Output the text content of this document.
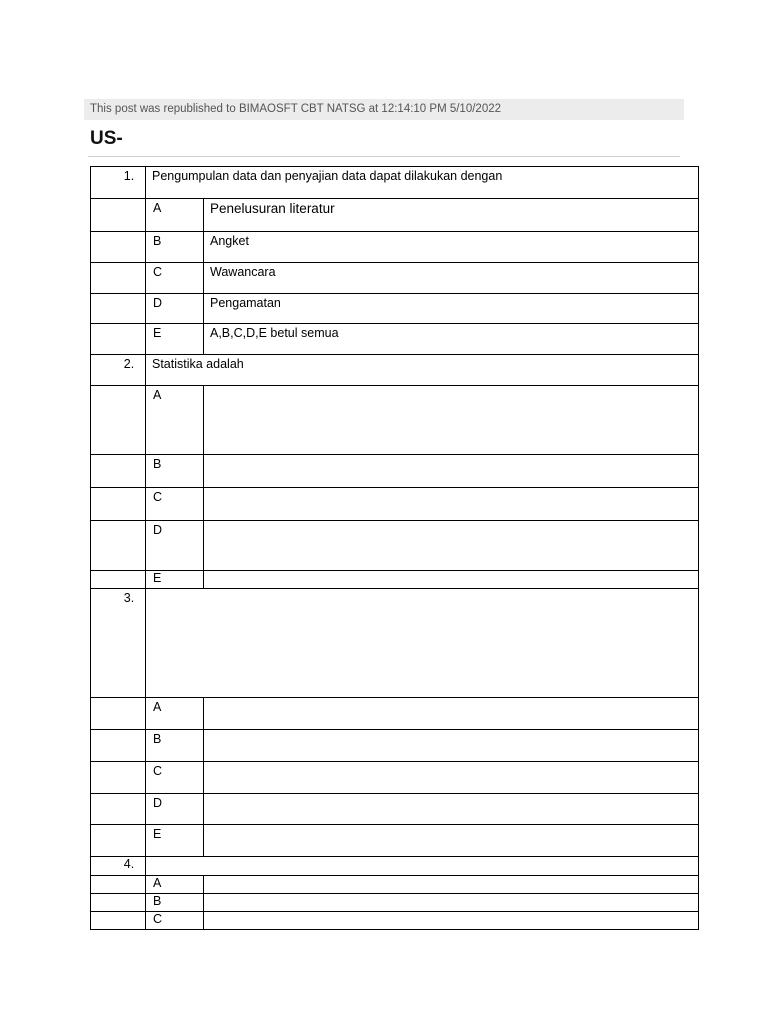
This post was republished to BIMAOSFT CBT NATSG at 12:14:10 PM 5/10/2022
US-
1.	Pengumpulan data dan penyajian data dapat dilakukan dengan	
	A	Penelusuran literatur
	B	Angket
	C	Wawancara
	D	Pengamatan
	E	A,B,C,D,E betul semua
2.	Statistika adalah	
	A	
	B	
	C	
	D	
	E	
3.		
	A	
	B	
	C	
	D	
	E	
4.		
	A	
	B	
	C	
